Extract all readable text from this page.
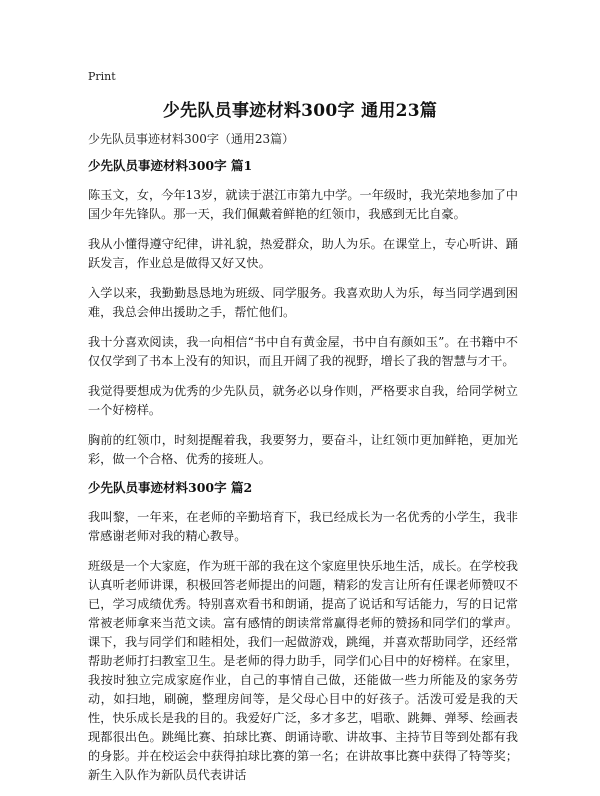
Print
少先队员事迹材料300字 通用23篇
少先队员事迹材料300字（通用23篇）
少先队员事迹材料300字 篇1

陈玉文，女，今年13岁，就读于湛江市第九中学。一年级时，我光荣地参加了中国少年先锋队。那一天，我们佩戴着鲜艳的红领巾，我感到无比自豪。

我从小懂得遵守纪律，讲礼貌，热爱群众，助人为乐。在课堂上，专心听讲、踊跃发言，作业总是做得又好又快。

入学以来，我勤勤恳恳地为班级、同学服务。我喜欢助人为乐，每当同学遇到困难，我总会伸出援助之手，帮忙他们。

我十分喜欢阅读，我一向相信“书中自有黄金屋，书中自有颜如玉”。在书籍中不仅仅学到了书本上没有的知识，而且开阔了我的视野，增长了我的智慧与才干。

我觉得要想成为优秀的少先队员，就务必以身作则，严格要求自我，给同学树立一个好榜样。

胸前的红领巾，时刻提醒着我，我要努力，要奋斗，让红领巾更加鲜艳，更加光彩，做一个合格、优秀的接班人。

少先队员事迹材料300字 篇2

我叫黎，一年来，在老师的辛勤培育下，我已经成长为一名优秀的小学生，我非常感谢老师对我的精心教导。

班级是一个大家庭，作为班干部的我在这个家庭里快乐地生活，成长。在学校我认真听老师讲课，积极回答老师提出的问题，精彩的发言让所有任课老师赞叹不已，学习成绩优秀。特别喜欢看书和朗诵，提高了说话和写话能力，写的日记常常被老师拿来当范文读。富有感情的朗读常常赢得老师的赞扬和同学们的掌声。课下，我与同学们和睦相处，我们一起做游戏，跳绳，并喜欢帮助同学，还经常帮助老师打扫教室卫生。是老师的得力助手，同学们心目中的好榜样。在家里，我按时独立完成家庭作业，自己的事情自己做，还能做一些力所能及的家务劳动，如扫地，刷碗，整理房间等，是父母心目中的好孩子。活泼可爱是我的天性，快乐成长是我的目的。我爱好广泛，多才多艺，唱歌、跳舞、弹琴、绘画表现都很出色。跳绳比赛、拍球比赛、朗诵诗歌、讲故事、主持节目等到处都有我的身影。并在校运会中获得拍球比赛的第一名；在讲故事比赛中获得了特等奖；新生入队作为新队员代表讲话
